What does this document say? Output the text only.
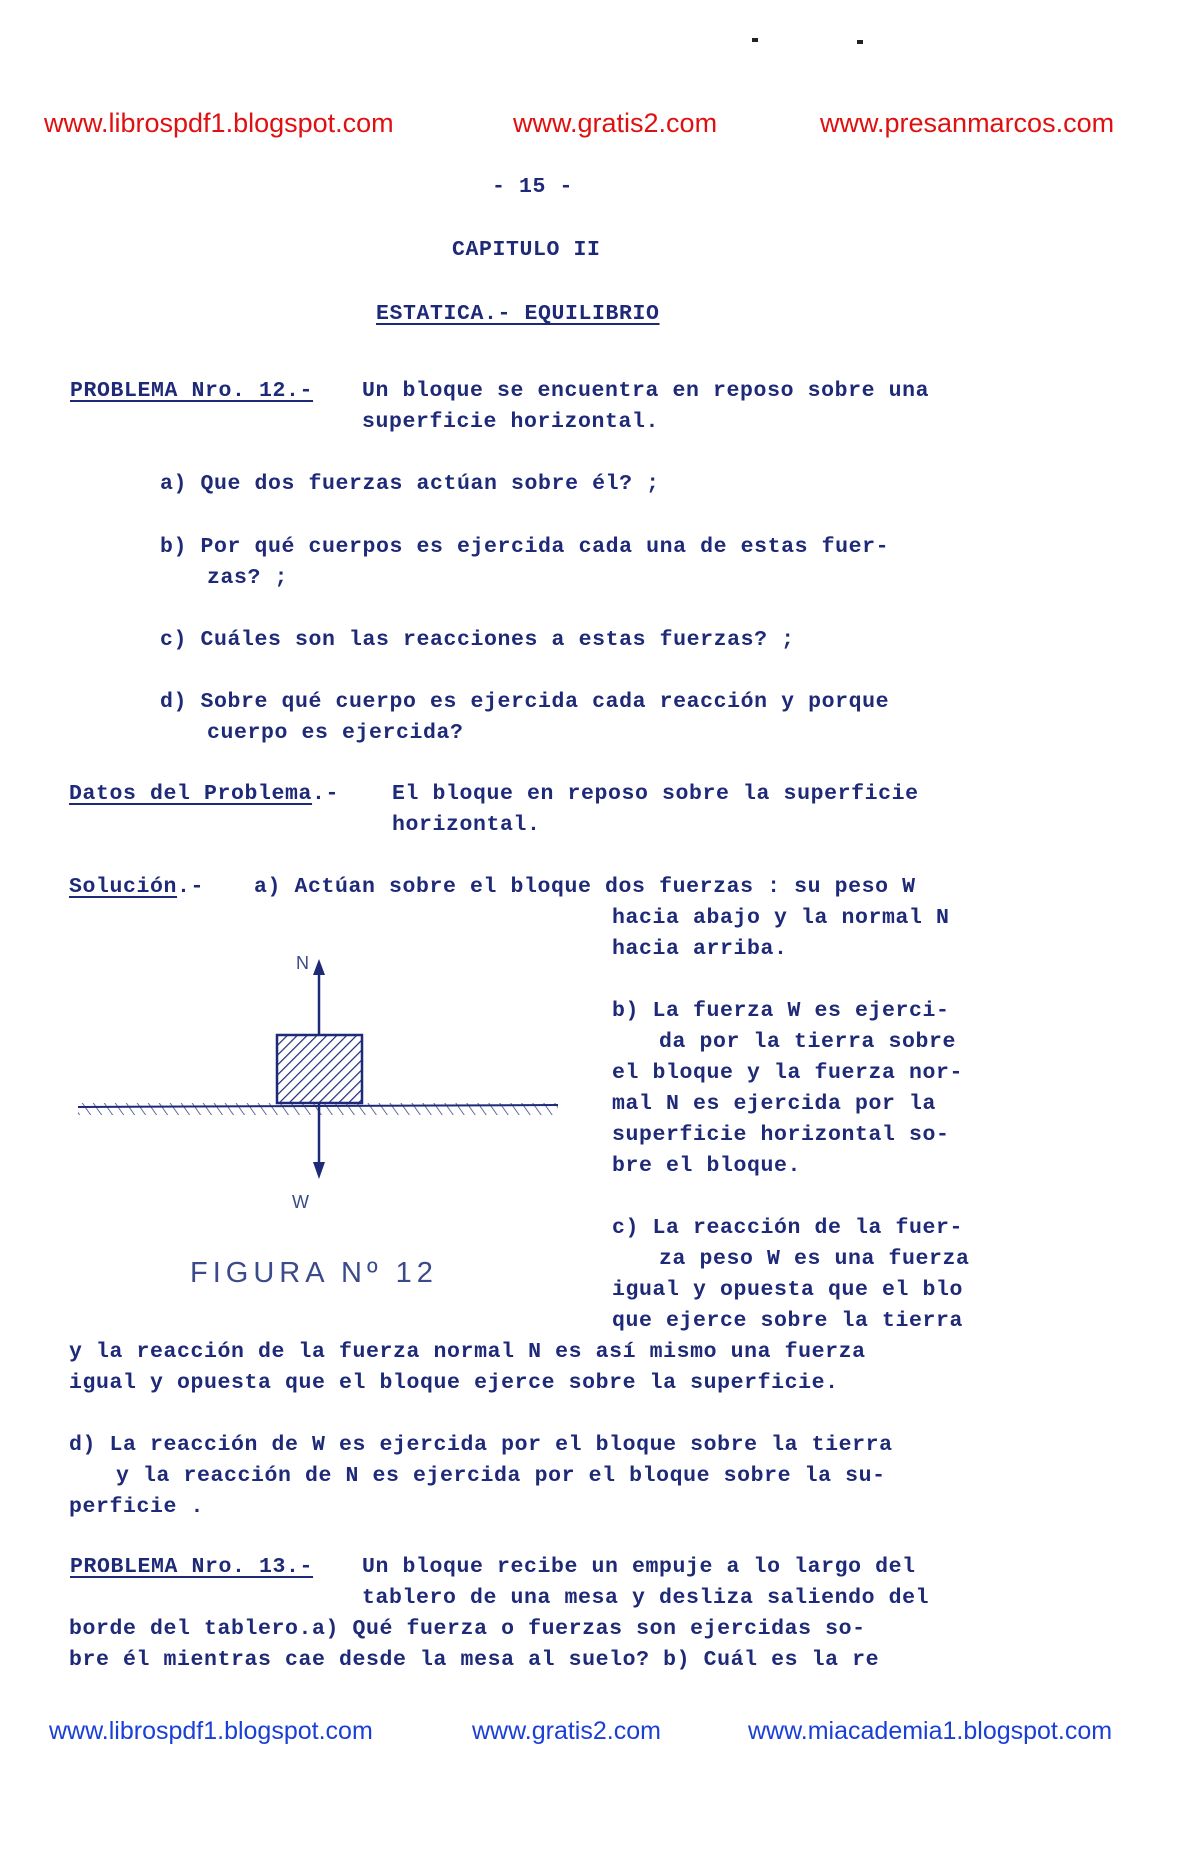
www.librospdf1.blogspot.com	www.gratis2.com	www.presanmarcos.com
- 15 -
CAPITULO II
ESTATICA.- EQUILIBRIO
PROBLEMA Nro. 12.- Un bloque se encuentra en reposo sobre una
superficie horizontal.
a) Que dos fuerzas actúan sobre él? ;
b) Por qué cuerpos es ejercida cada una de estas fuer-
zas? ;
c) Cuáles son las reacciones a estas fuerzas? ;
d) Sobre qué cuerpo es ejercida cada reacción y porque
cuerpo es ejercida?
Datos del Problema.- El bloque en reposo sobre la superficie
horizontal.
Solución.- a) Actúan sobre el bloque dos fuerzas : su peso W
hacia abajo y la normal N
hacia arriba.
b) La fuerza W es ejerci-
da por la tierra sobre
el bloque y la fuerza nor-
mal N es ejercida por la
superficie horizontal so-
bre el bloque.
c) La reacción de la fuer-
za peso W es una fuerza
igual y opuesta que el blo
que ejerce sobre la tierra
y la reacción de la fuerza normal N es así mismo una fuerza
igual y opuesta que el bloque ejerce sobre la superficie.
d) La reacción de W es ejercida por el bloque sobre la tierra
y la reacción de N es ejercida por el bloque sobre la su-
perficie .
N
W
FIGURA Nº 12
PROBLEMA Nro. 13.- Un bloque recibe un empuje a lo largo del
tablero de una mesa y desliza saliendo del
borde del tablero.a) Qué fuerza o fuerzas son ejercidas so-
bre él mientras cae desde la mesa al suelo? b) Cuál es la re
www.librospdf1.blogspot.com	www.gratis2.com	www.miacademia1.blogspot.com
